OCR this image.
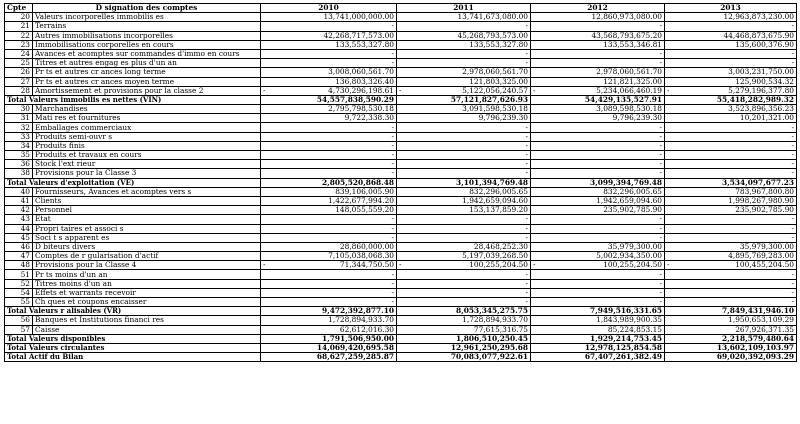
Cpte	D signation des comptes	2010	2011	2012	2013
20	Valeurs incorporelles immobilis es	13,741,000,000.00	13,741,673,080.00	12,860,973,080.00	12,963,873,230.00
21	Terrains	-	-	-	-
22	Autres immobilisations incorporelles	42,268,717,573.00	45,268,793,573.00	43,568,793,675.20	44,468,873,675.90
23	Immobilisations corporelles en cours	133,553,327.80	133,553,327.80	133,553,346.81	135,600,376.90
24	Avances et acomptes sur commandes d'immo en cours	-	-	-	-
25	Titres et autres engag es plus d'un an	-	-	-	-
26	Pr ts et autres cr ances long terme	3,008,060,561.70	2,978,060,561.70	2,978,060,561.70	3,003,231,750.00
27	Pr ts et autres cr ances moyen terme	136,803,326.40	121,803,325.00	121,821,325.00	125,900,534.32
28	Amortissement et provisions pour la classe 2	- 4,730,296,198.61	- 5,122,056,240.57	- 5,234,066,460.19	- 5,279,196,377.80
Total Valeurs immobilis es nettes (VIN)		54,557,838,590.29	57,121,827,626.93	54,429,135,527.91	55,418,282,989.32
30	Marchandises	2,795,798,530.18	3,091,598,530.18	3,089,598,530.18	3,523,896,356.23
31	Mati res et fournitures	9,722,338.30	9,796,239.30	9,796,239.30	10,201,321.00
32	Emballages commerciaux	-	-	-	-
33	Produits semi-ouvr s	-	-	-	-
34	Produits finis	-	-	-	-
35	Produits et travaux en cours	-	-	-	-
36	Stock l'ext rieur	-	-	-	-
38	Provisions pour la Classe 3	-	-	-	-
Total Valeurs d'exploitation (VE)		2,805,520,868.48	3,101,394,769.48	3,099,394,769.48	3,534,097,677.23
40	Fournisseurs, Avances et acomptes vers s	839,106,005.90	832,296,005.65	832,296,005.65	783,967,800.80
41	Clients	1,422,677,994.20	1,942,659,094.60	1,942,659,094.60	1,998,267,980.90
42	Personnel	148,055,559.20	153,137,859.20	235,902,785.90	235,902,785.90
43	Etat	-	-	-	-
44	Propri taires et associ s	-	-	-	-
45	Soci t s apparent es	-	-	-	-
46	D biteurs divers	28,860,000.00	28,468,252.30	35,979,300.00	35,979,300.00
47	Comptes de r gularisation d'actif	7,105,038,068.30	5,197,039,268.50	5,002,934,350.00	4,895,769,283.00
48	Provisions pour la Classe 4	- 71,344,750.50	- 100,255,204.50	- 100,255,204.50	- 100,455,204.50
51	Pr ts moins d'un an	-	-	-	-
52	Titres moins d'un an	-	-	-	-
54	Effets et warrants recevoir	-	-	-	-
55	Ch ques et coupons encaisser	-	-	-	-
Total Valeurs r alisables (VR)		9,472,392,877.10	8,053,345,275.75	7,949,516,331.65	7,849,431,946.10
56	Banques et Institutions financi res	1,728,894,933.70	1,728,894,933.70	1,843,989,900.35	1,950,653,109.29
57	Caisse	62,612,016.30	77,615,316.75	85,224,853.15	267,926,371.35
Total Valeurs disponibles		1,791,506,950.00	1,806,510,250.45	1,929,214,753.45	2,218,579,480.64
Total Valeurs circulantes		14,069,420,695.58	12,961,250,295.68	12,978,125,854.58	13,602,109,103.97
Total Actif du Bilan		68,627,259,285.87	70,083,077,922.61	67,407,261,382.49	69,020,392,093.29
